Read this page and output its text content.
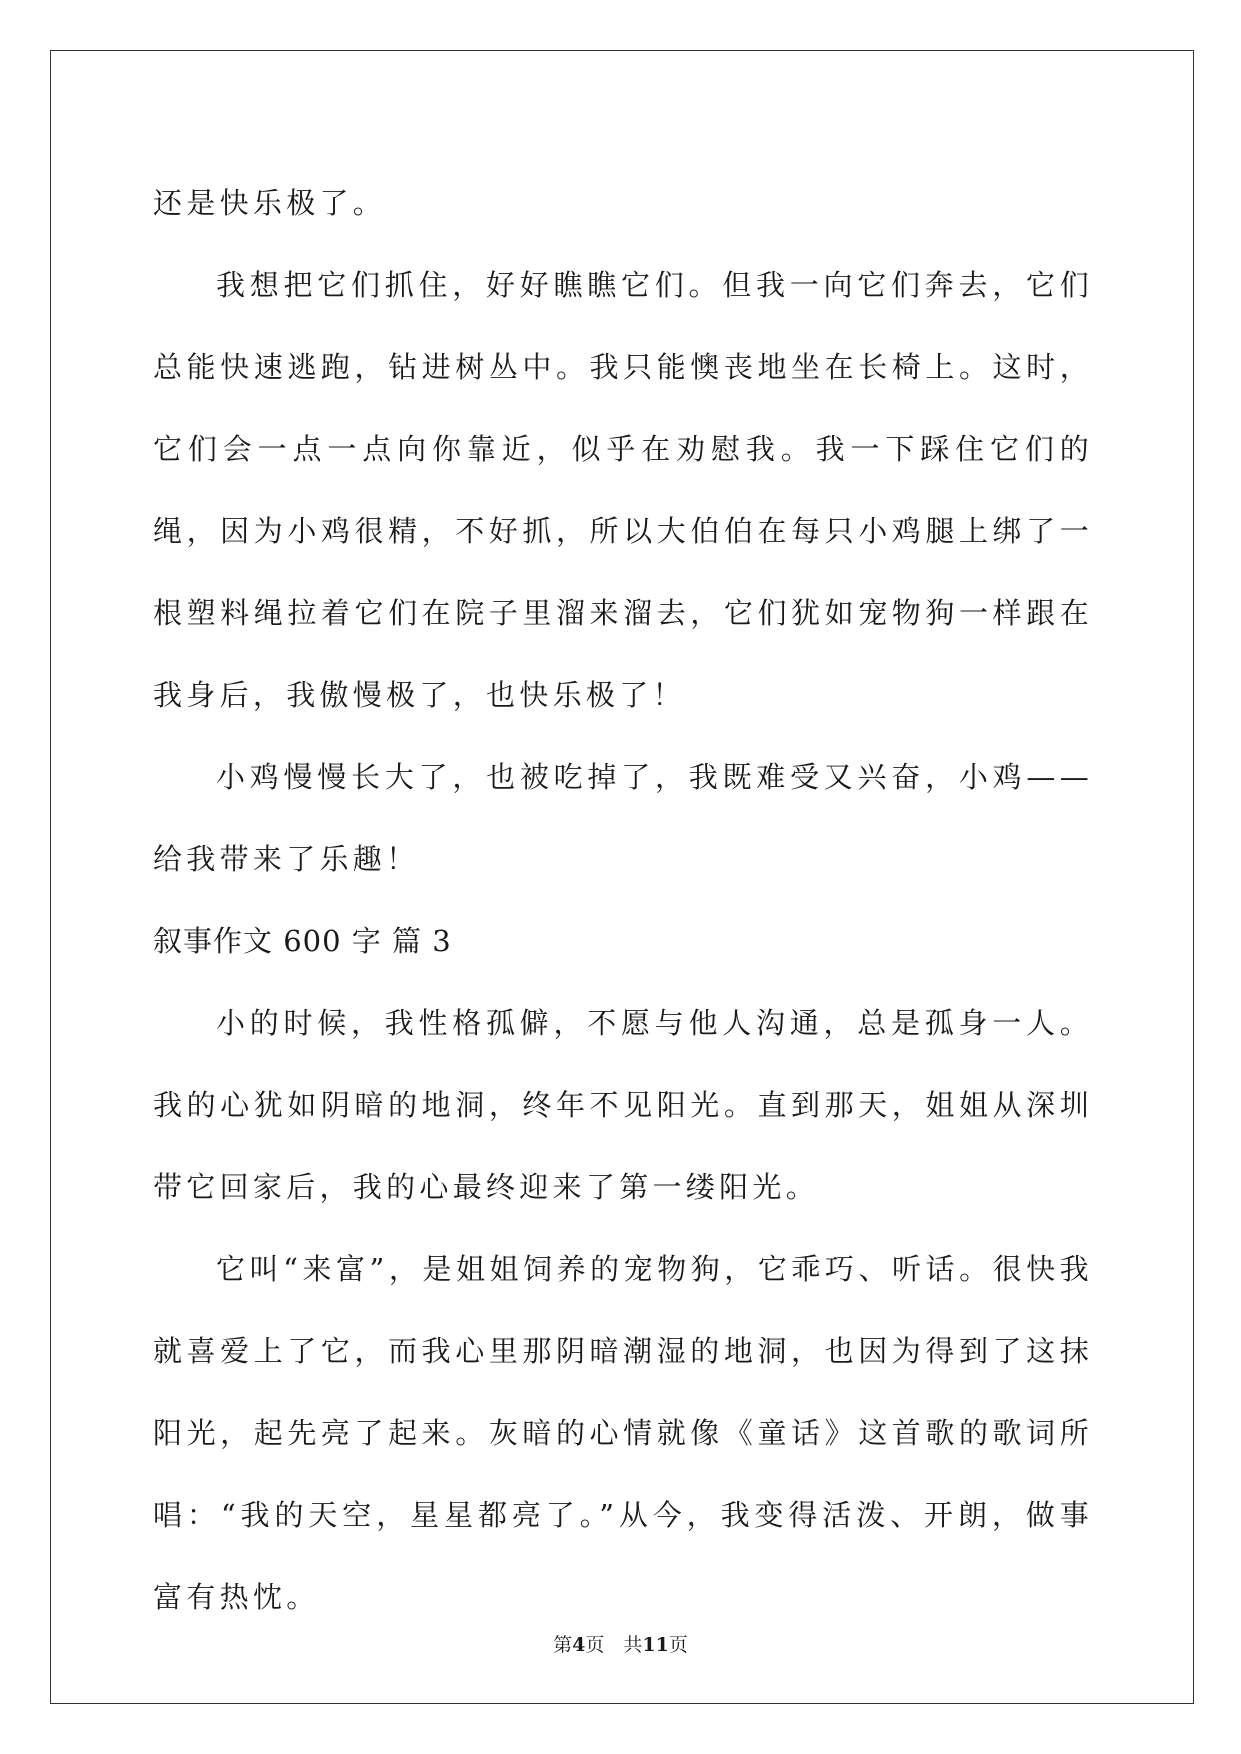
还是快乐极了。

我想把它们抓住，好好瞧瞧它们。但我一向它们奔去，它们总能快速逃跑，钻进树丛中。我只能懊丧地坐在长椅上。这时，它们会一点一点向你靠近，似乎在劝慰我。我一下踩住它们的绳，因为小鸡很精，不好抓，所以大伯伯在每只小鸡腿上绑了一根塑料绳拉着它们在院子里溜来溜去，它们犹如宠物狗一样跟在我身后，我傲慢极了，也快乐极了！

小鸡慢慢长大了，也被吃掉了，我既难受又兴奋，小鸡——给我带来了乐趣！

叙事作文 600 字 篇 3

小的时候，我性格孤僻，不愿与他人沟通，总是孤身一人。我的心犹如阴暗的地洞，终年不见阳光。直到那天，姐姐从深圳带它回家后，我的心最终迎来了第一缕阳光。

它叫“来富”，是姐姐饲养的宠物狗，它乖巧、听话。很快我就喜爱上了它，而我心里那阴暗潮湿的地洞，也因为得到了这抹阳光，起先亮了起来。灰暗的心情就像《童话》这首歌的歌词所唱：“我的天空，星星都亮了。”从今，我变得活泼、开朗，做事富有热忱。

第4页　共11页
